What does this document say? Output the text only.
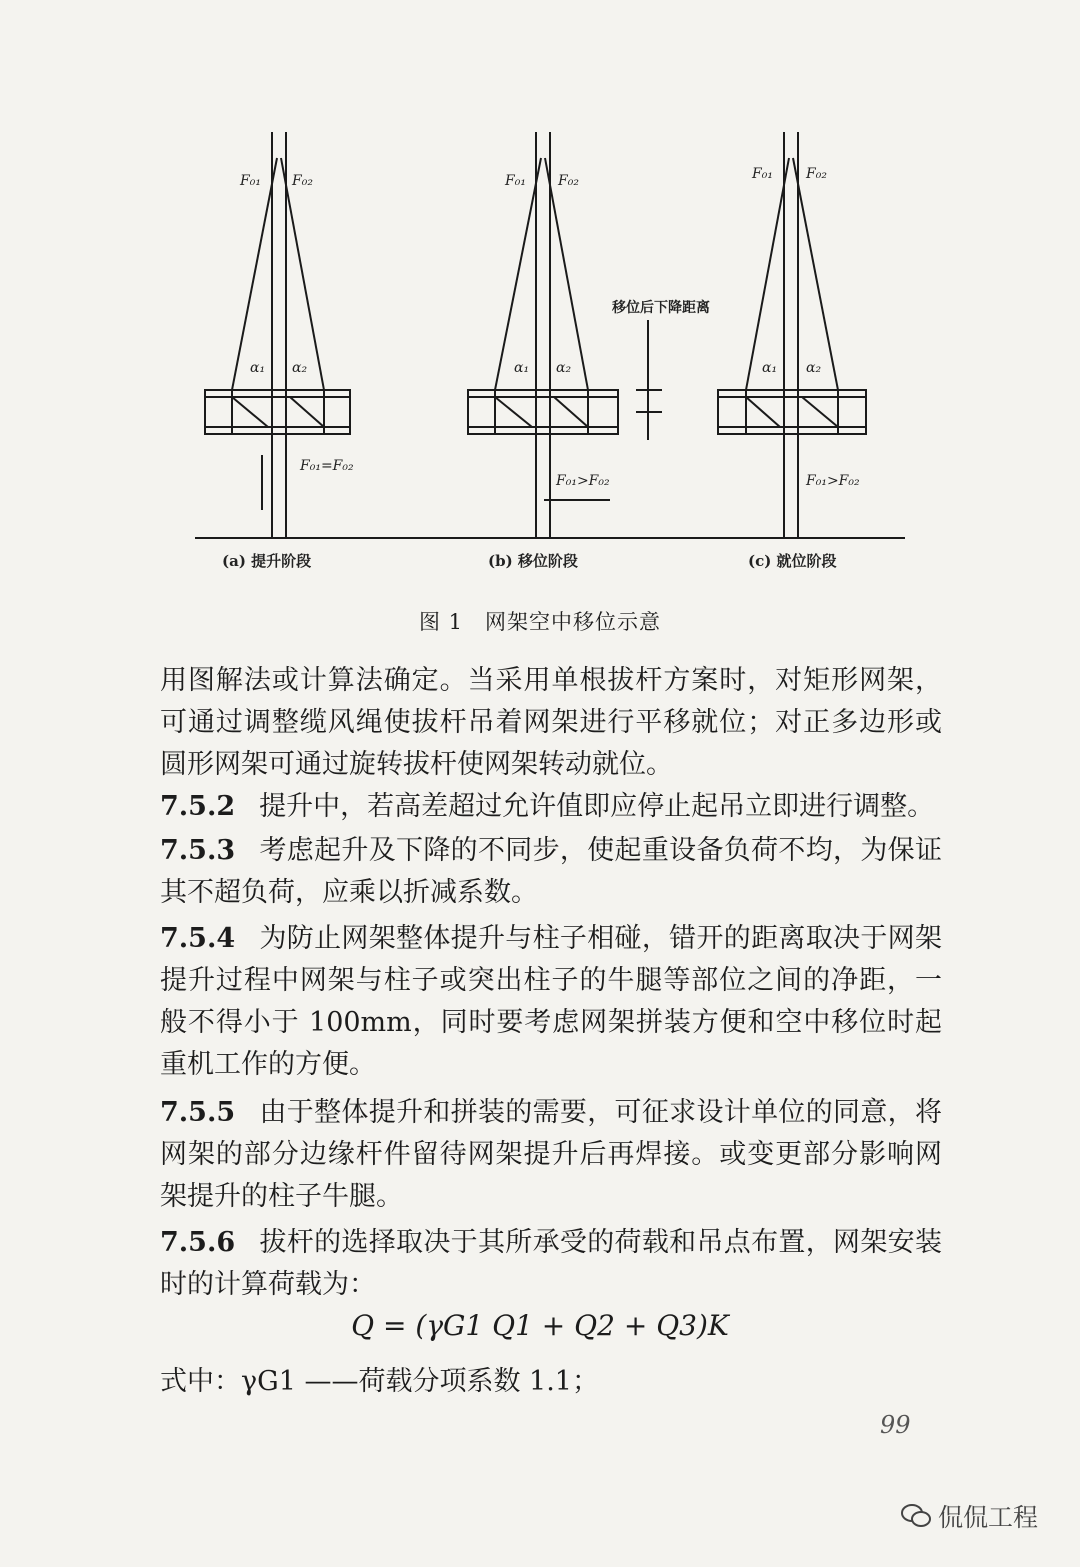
F₀₁ F₀₂
α₁ α₂
F₀₁=F₀₂
(a) 提升阶段
F₀₁ F₀₂
α₁ α₂
F₀₁>F₀₂
移位后下降距离
(b) 移位阶段
F₀₁ F₀₂
α₁ α₂
F₀₁>F₀₂
(c) 就位阶段
图 1　网架空中移位示意

用图解法或计算法确定。当采用单根拔杆方案时，对矩形网架，可通过调整缆风绳使拔杆吊着网架进行平移就位；对正多边形或圆形网架可通过旋转拔杆使网架转动就位。

7.5.2 提升中，若高差超过允许值即应停止起吊立即进行调整。

7.5.3 考虑起升及下降的不同步，使起重设备负荷不均，为保证其不超负荷，应乘以折减系数。

7.5.4 为防止网架整体提升与柱子相碰，错开的距离取决于网架提升过程中网架与柱子或突出柱子的牛腿等部位之间的净距，一般不得小于 100mm，同时要考虑网架拼装方便和空中移位时起重机工作的方便。

7.5.5 由于整体提升和拼装的需要，可征求设计单位的同意，将网架的部分边缘杆件留待网架提升后再焊接。或变更部分影响网架提升的柱子牛腿。

7.5.6 拔杆的选择取决于其所承受的荷载和吊点布置，网架安装时的计算荷载为：

Q = (γG1 Q1 + Q2 + Q3)K
式中：γG1 ——荷载分项系数 1.1；
99
侃侃工程
